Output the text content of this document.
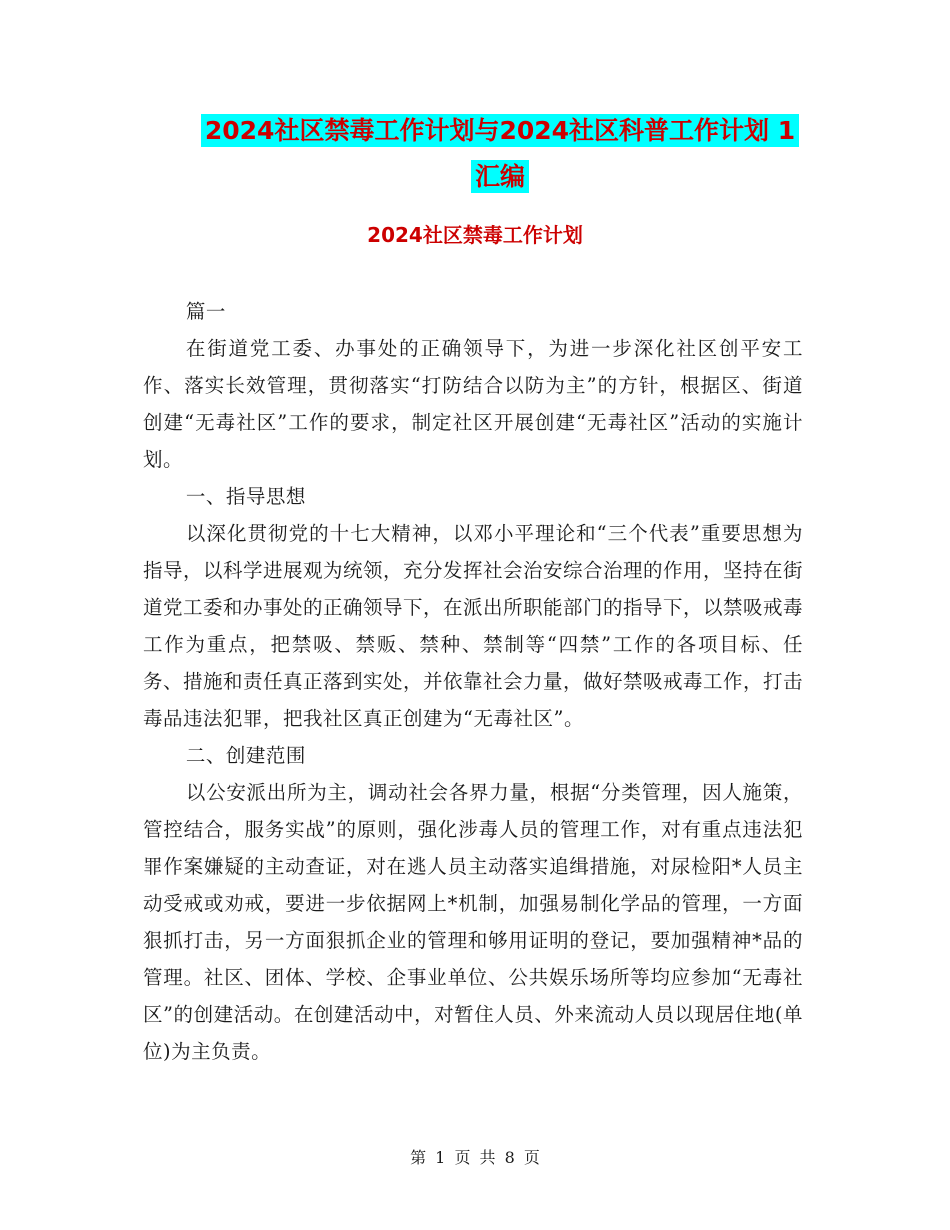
2024社区禁毒工作计划与2024社区科普工作计划 1
汇编
2024社区禁毒工作计划

篇一

在街道党工委、办事处的正确领导下，为进一步深化社区创平安工作、落实长效管理，贯彻落实“打防结合以防为主”的方针，根据区、街道创建“无毒社区”工作的要求，制定社区开展创建“无毒社区”活动的实施计划。

一、指导思想

以深化贯彻党的十七大精神，以邓小平理论和“三个代表”重要思想为指导，以科学进展观为统领，充分发挥社会治安综合治理的作用，坚持在街道党工委和办事处的正确领导下，在派出所职能部门的指导下，以禁吸戒毒工作为重点，把禁吸、禁贩、禁种、禁制等“四禁”工作的各项目标、任务、措施和责任真正落到实处，并依靠社会力量，做好禁吸戒毒工作，打击毒品违法犯罪，把我社区真正创建为“无毒社区”。

二、创建范围

以公安派出所为主，调动社会各界力量，根据“分类管理，因人施策，管控结合，服务实战”的原则，强化涉毒人员的管理工作，对有重点违法犯罪作案嫌疑的主动查证，对在逃人员主动落实追缉措施，对尿检阳*人员主动受戒或劝戒，要进一步依据网上*机制，加强易制化学品的管理，一方面狠抓打击，另一方面狠抓企业的管理和够用证明的登记，要加强精神*品的管理。社区、团体、学校、企事业单位、公共娱乐场所等均应参加“无毒社区”的创建活动。在创建活动中，对暂住人员、外来流动人员以现居住地(单位)为主负责。

第 1 页 共 8 页
